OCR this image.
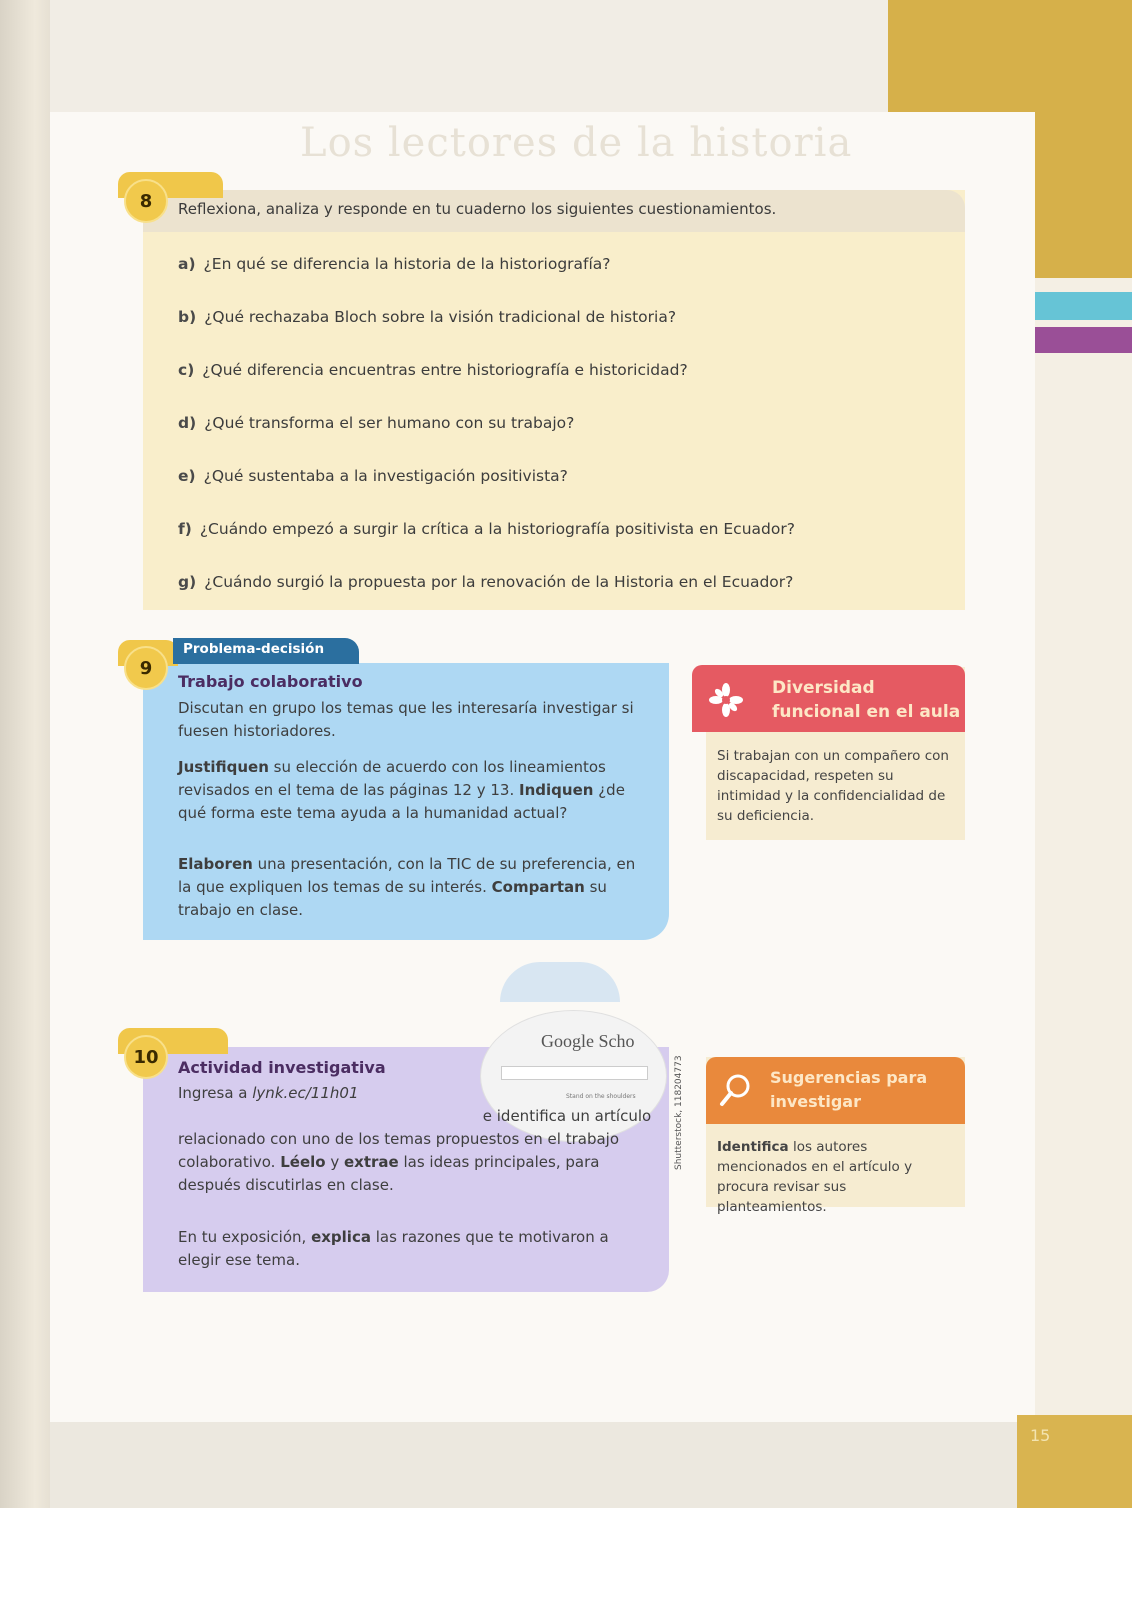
Los lectores de la historia
15
8	Reflexiona, analiza y responde en tu cuaderno los siguientes cuestionamientos.
a) ¿En qué se diferencia la historia de la historiografía?
b) ¿Qué rechazaba Bloch sobre la visión tradicional de historia?
c) ¿Qué diferencia encuentras entre historiografía e historicidad?
d) ¿Qué transforma el ser humano con su trabajo?
e) ¿Qué sustentaba a la investigación positivista?
f) ¿Cuándo empezó a surgir la crítica a la historiografía positivista en Ecuador?
g) ¿Cuándo surgió la propuesta por la renovación de la Historia en el Ecuador?
9
Problema-decisión
Trabajo colaborativo
Discutan en grupo los temas que les interesaría investigar si fuesen historiadores.
Justifiquen su elección de acuerdo con los lineamientos revisados en el tema de las páginas 12 y 13. Indiquen ¿de qué forma este tema ayuda a la humanidad actual?
Elaboren una presentación, con la TIC de su preferencia, en la que expliquen los temas de su interés. Compartan su trabajo en clase.
Diversidad
funcional en el aula
Si trabajan con un compañero con discapacidad, respeten su intimidad y la confidencialidad de su deficiencia.
10
Google Scho
Stand on the shoulders	Shutterstock, 118204773
Actividad investigativa
Ingresa a lynk.ec/11h01
e identifica un artículo relacionado con uno de los temas propuestos en el trabajo colaborativo. Léelo y extrae las ideas principales, para después discutirlas en clase.
En tu exposición, explica las razones que te motivaron a elegir ese tema.
Sugerencias para
investigar
Identifica los autores mencionados en el artículo y procura revisar sus planteamientos.
